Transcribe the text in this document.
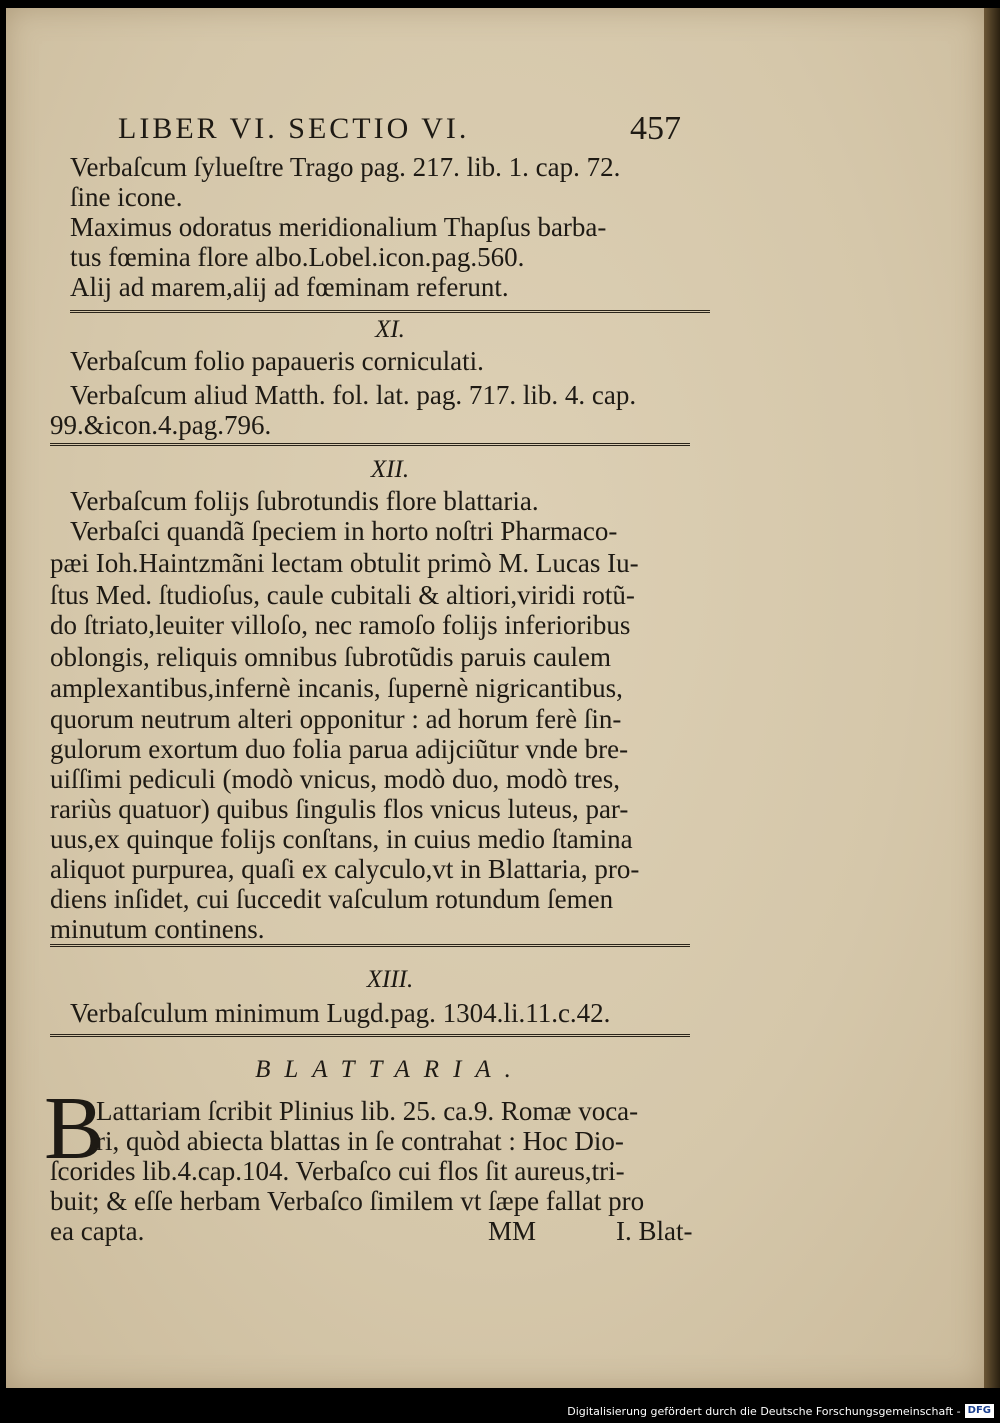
LIBER VI. SECTIO VI.	457
Verbaſcum ſylueſtre Trago pag. 217. lib. 1. cap. 72.
ſine icone.
Maximus odoratus meridionalium Thapſus barba-
tus fœmina flore albo.Lobel.icon.pag.560.
Alij ad marem,alij ad fœminam referunt.
XI.
Verbaſcum folio papaueris corniculati.
Verbaſcum aliud Matth. fol. lat. pag. 717. lib. 4. cap.
99.&icon.4.pag.796.
XII.
Verbaſcum folijs ſubrotundis flore blattaria.
Verbaſci quandã ſpeciem in horto noſtri Pharmaco-
pæi Ioh.Haintzmãni lectam obtulit primò M. Lucas Iu-
ſtus Med. ſtudioſus, caule cubitali & altiori,viridi rotũ-
do ſtriato,leuiter villoſo, nec ramoſo folijs inferioribus
oblongis, reliquis omnibus ſubrotũdis paruis caulem
amplexantibus,infernè incanis, ſupernè nigricantibus,
quorum neutrum alteri opponitur : ad horum ferè ſin-
gulorum exortum duo folia parua adijciũtur vnde bre-
uiſſimi pediculi (modò vnicus, modò duo, modò tres,
rariùs quatuor) quibus ſingulis flos vnicus luteus, par-
uus,ex quinque folijs conſtans, in cuius medio ſtamina
aliquot purpurea, quaſi ex calyculo,vt in Blattaria, pro-
diens inſidet, cui ſuccedit vaſculum rotundum ſemen
minutum continens.
XIII.
Verbaſculum minimum Lugd.pag. 1304.li.11.c.42.
BLATTARIA.
B
Lattariam ſcribit Plinius lib. 25. ca.9. Romæ voca-
ri, quòd abiecta blattas in ſe contrahat : Hoc Dio-
ſcorides lib.4.cap.104. Verbaſco cui flos ſit aureus,tri-
buit; & eſſe herbam Verbaſco ſimilem vt ſæpe fallat pro
ea capta.	MM	I. Blat-
Digitalisierung gefördert durch die Deutsche Forschungsgemeinschaft - DFG
